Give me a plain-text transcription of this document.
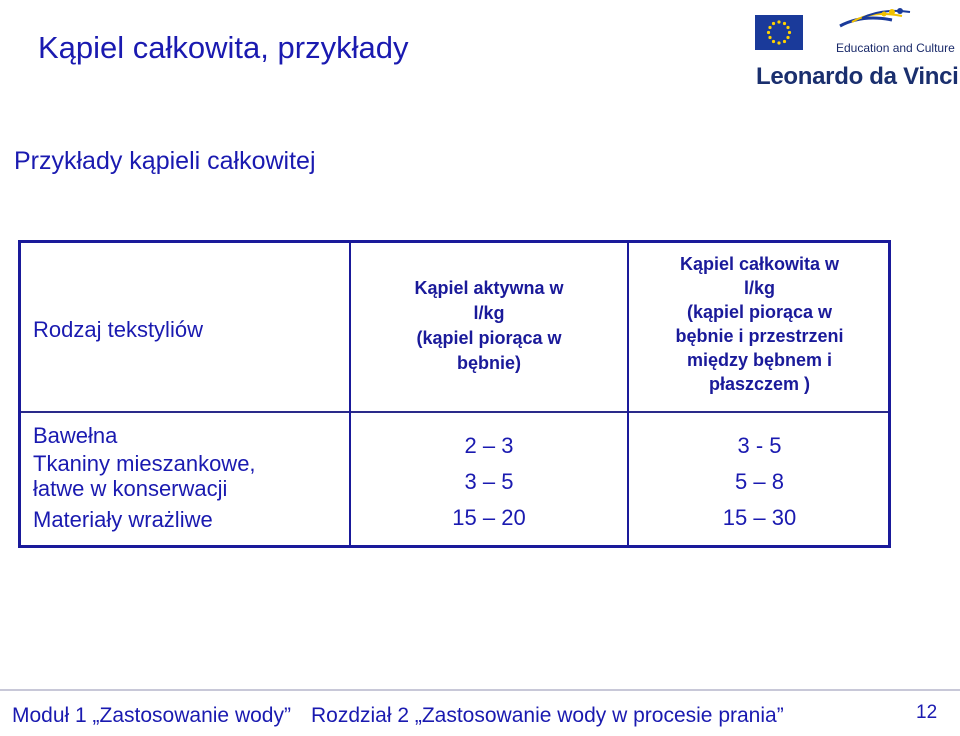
Kąpiel całkowita, przykłady	Education and Culture
Leonardo da Vinci
Przykłady kąpieli całkowitej
Rodzaj tekstyliów
Bawełna
Tkaniny mieszankowe,
łatwe w konserwacji
Materiały wrażliwe
Kąpiel aktywna w
l/kg
(kąpiel piorąca w
bębnie)
2 – 3
3 – 5
15 – 20
Kąpiel całkowita w
l/kg
(kąpiel piorąca w
bębnie i przestrzeni
między bębnem i
płaszczem )
3 - 5
5 – 8
15 – 30
Moduł 1 „Zastosowanie wody” Rozdział 2 „Zastosowanie wody w procesie prania”	12
